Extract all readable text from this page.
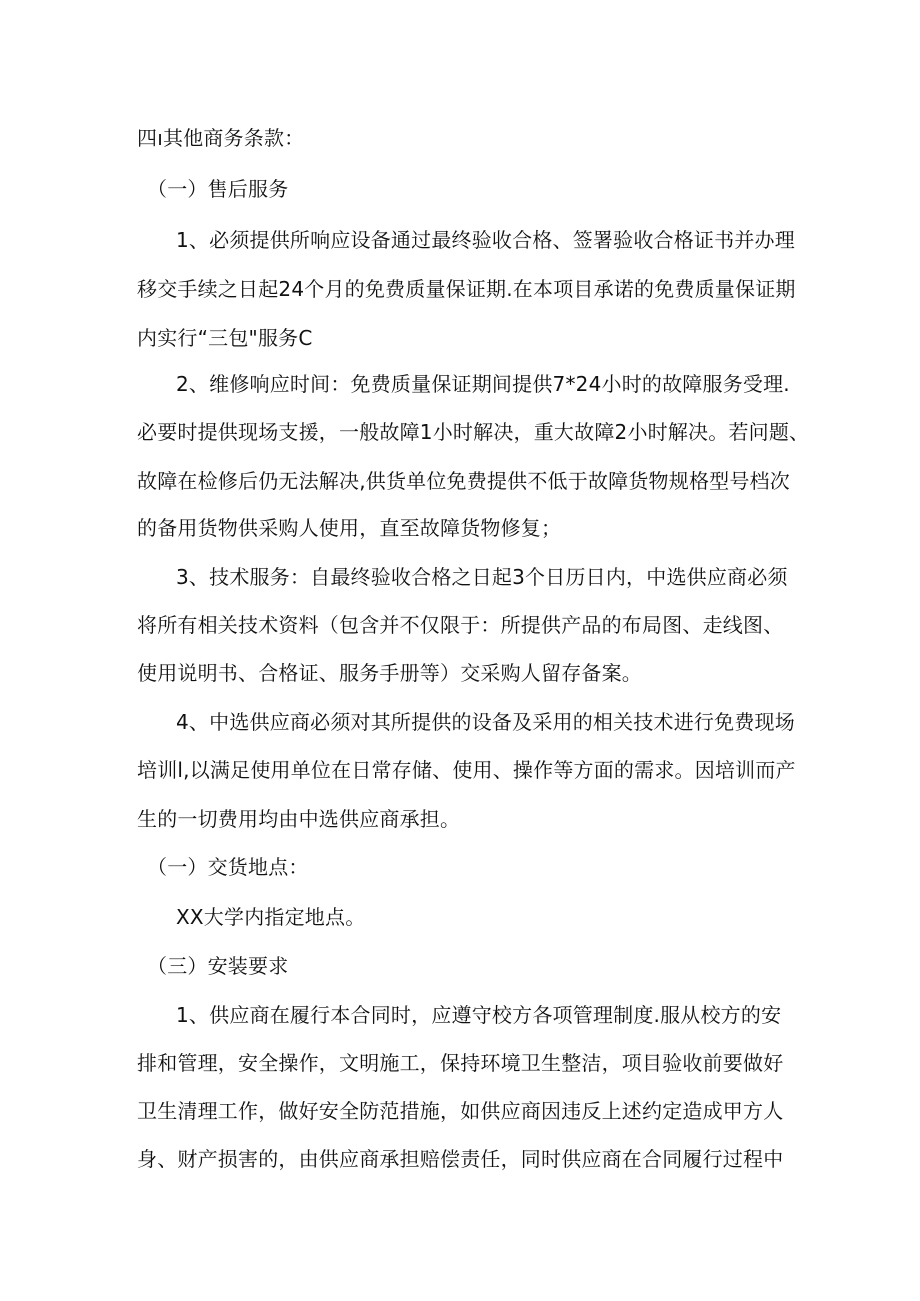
四ı其他商务条款：

（一）售后服务

1、必须提供所响应设备通过最终验收合格、签署验收合格证书并办理

移交手续之日起24个月的免费质量保证期.在本项目承诺的免费质量保证期

内实行“三包"服务C

2、维修响应时间：免费质量保证期间提供7*24小时的故障服务受理.

必要时提供现场支援，一般故障1小时解决，重大故障2小时解决。若问题、

故障在检修后仍无法解决,供货单位免费提供不低于故障货物规格型号档次

的备用货物供采购人使用，直至故障货物修复；

3、技术服务：自最终验收合格之日起3个日历日内，中选供应商必须

将所有相关技术资料（包含并不仅限于：所提供产品的布局图、走线图、

使用说明书、合格证、服务手册等）交采购人留存备案。

4、中选供应商必须对其所提供的设备及采用的相关技术进行免费现场

培训l,以满足使用单位在日常存储、使用、操作等方面的需求。因培训而产

生的一切费用均由中选供应商承担。

（一）交货地点：

XX大学内指定地点。

（三）安装要求

1、供应商在履行本合同时，应遵守校方各项管理制度.服从校方的安

排和管理，安全操作，文明施工，保持环境卫生整洁，项目验收前要做好

卫生清理工作，做好安全防范措施，如供应商因违反上述约定造成甲方人

身、财产损害的，由供应商承担赔偿责任，同时供应商在合同履行过程中
